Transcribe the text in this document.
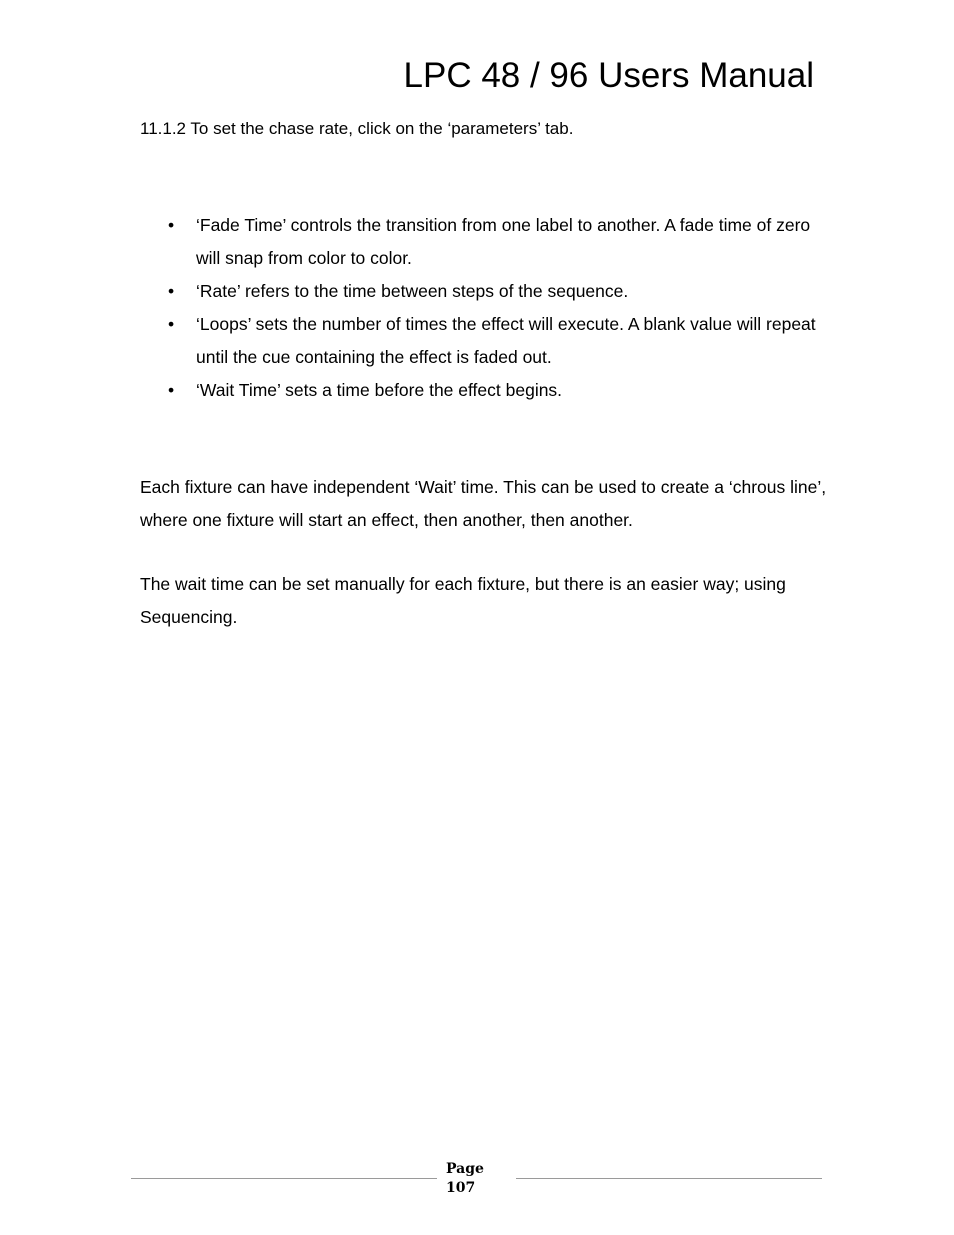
LPC 48 / 96 Users Manual
11.1.2 To set the chase rate, click on the ‘parameters’ tab.
• ‘Fade Time’ controls the transition from one label to another. A fade time of zero will snap from color to color.
• ‘Rate’ refers to the time between steps of the sequence.
• ‘Loops’ sets the number of times the effect will execute. A blank value will repeat until the cue containing the effect is faded out.
• ‘Wait Time’ sets a time before the effect begins.

Each fixture can have independent ‘Wait’ time. This can be used to create a ‘chrous line’, where one fixture will start an effect, then another, then another.

The wait time can be set manually for each fixture, but there is an easier way; using Sequencing.

Page
107
